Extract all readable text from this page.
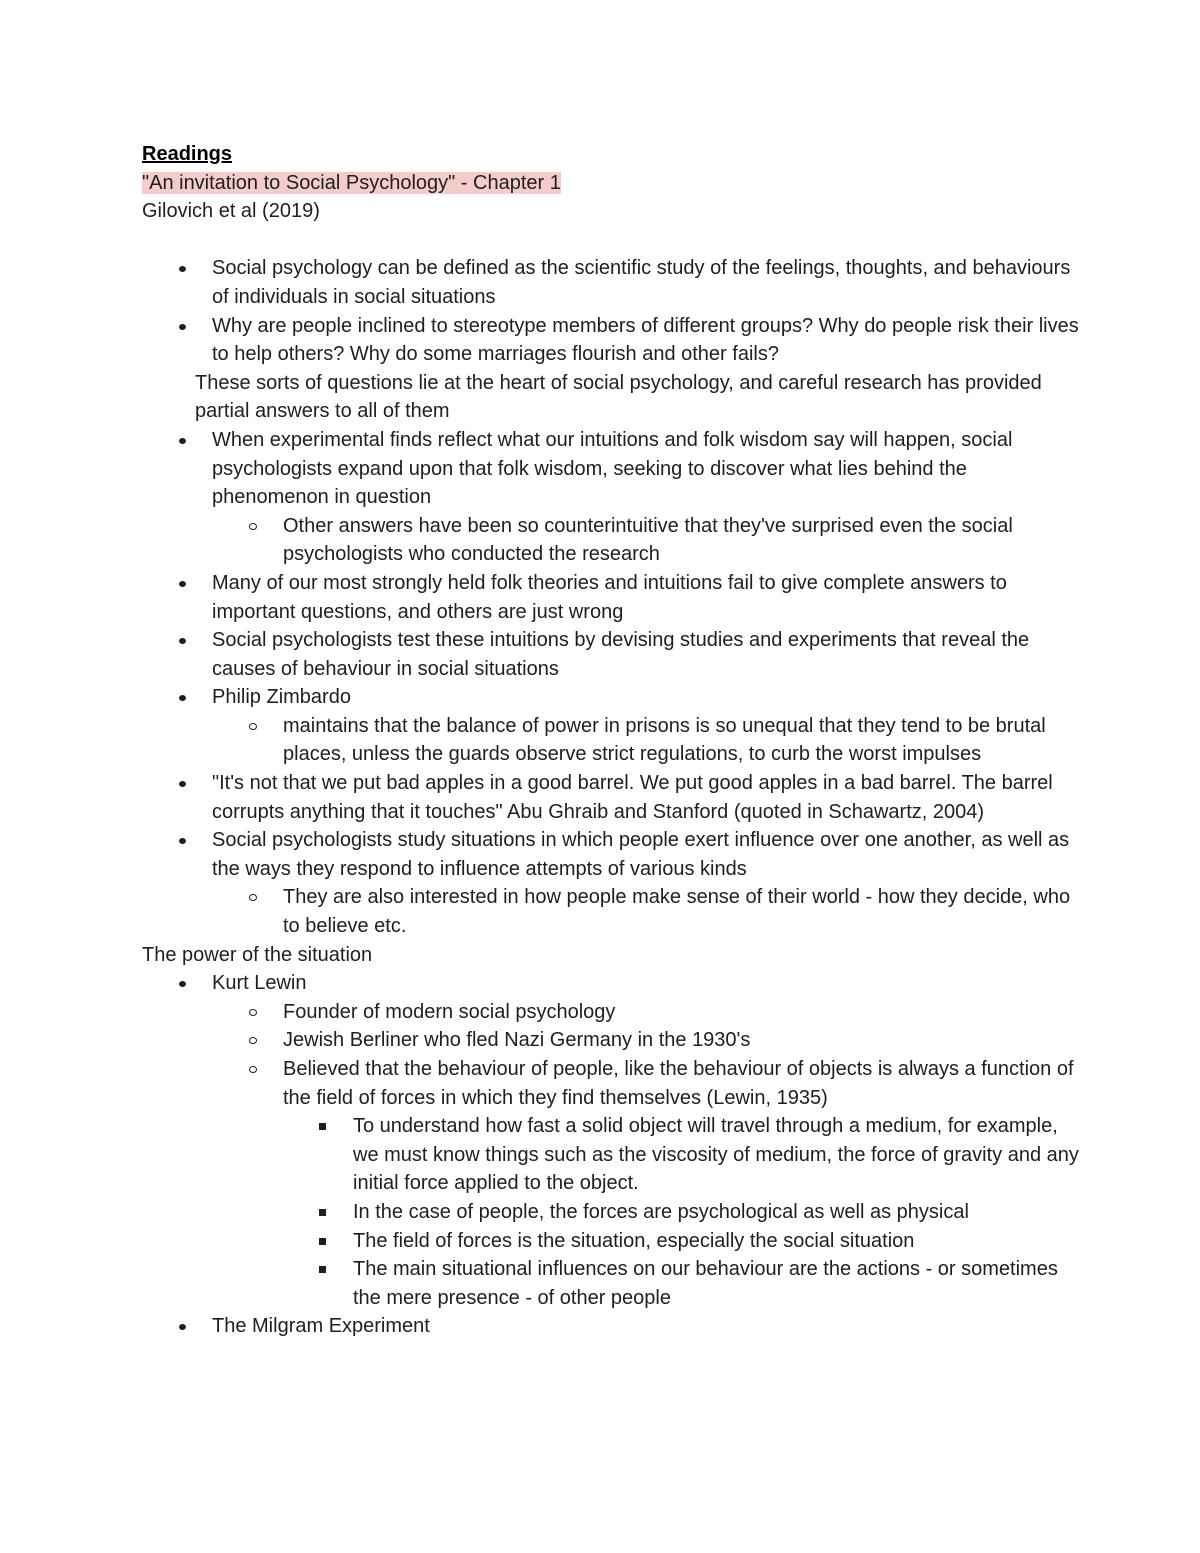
Readings

"An invitation to Social Psychology" - Chapter 1

Gilovich et al (2019)

Social psychology can be defined as the scientific study of the feelings, thoughts, and behaviours of individuals in social situations
Why are people inclined to stereotype members of different groups? Why do people risk their lives to help others? Why do some marriages flourish and other fails?

These sorts of questions lie at the heart of social psychology, and careful research has provided partial answers to all of them

When experimental finds reflect what our intuitions and folk wisdom say will happen, social psychologists expand upon that folk wisdom, seeking to discover what lies behind the phenomenon in question
Other answers have been so counterintuitive that they've surprised even the social psychologists who conducted the research
Many of our most strongly held folk theories and intuitions fail to give complete answers to important questions, and others are just wrong
Social psychologists test these intuitions by devising studies and experiments that reveal the causes of behaviour in social situations
Philip Zimbardo
maintains that the balance of power in prisons is so unequal that they tend to be brutal places, unless the guards observe strict regulations, to curb the worst impulses
"It's not that we put bad apples in a good barrel. We put good apples in a bad barrel. The barrel corrupts anything that it touches" Abu Ghraib and Stanford (quoted in Schawartz, 2004)
Social psychologists study situations in which people exert influence over one another, as well as the ways they respond to influence attempts of various kinds
They are also interested in how people make sense of their world - how they decide, who to believe etc.

The power of the situation

Kurt Lewin
Founder of modern social psychology
Jewish Berliner who fled Nazi Germany in the 1930's
Believed that the behaviour of people, like the behaviour of objects is always a function of the field of forces in which they find themselves (Lewin, 1935)
To understand how fast a solid object will travel through a medium, for example, we must know things such as the viscosity of medium, the force of gravity and any initial force applied to the object.
In the case of people, the forces are psychological as well as physical
The field of forces is the situation, especially the social situation
The main situational influences on our behaviour are the actions - or sometimes the mere presence - of other people
The Milgram Experiment
